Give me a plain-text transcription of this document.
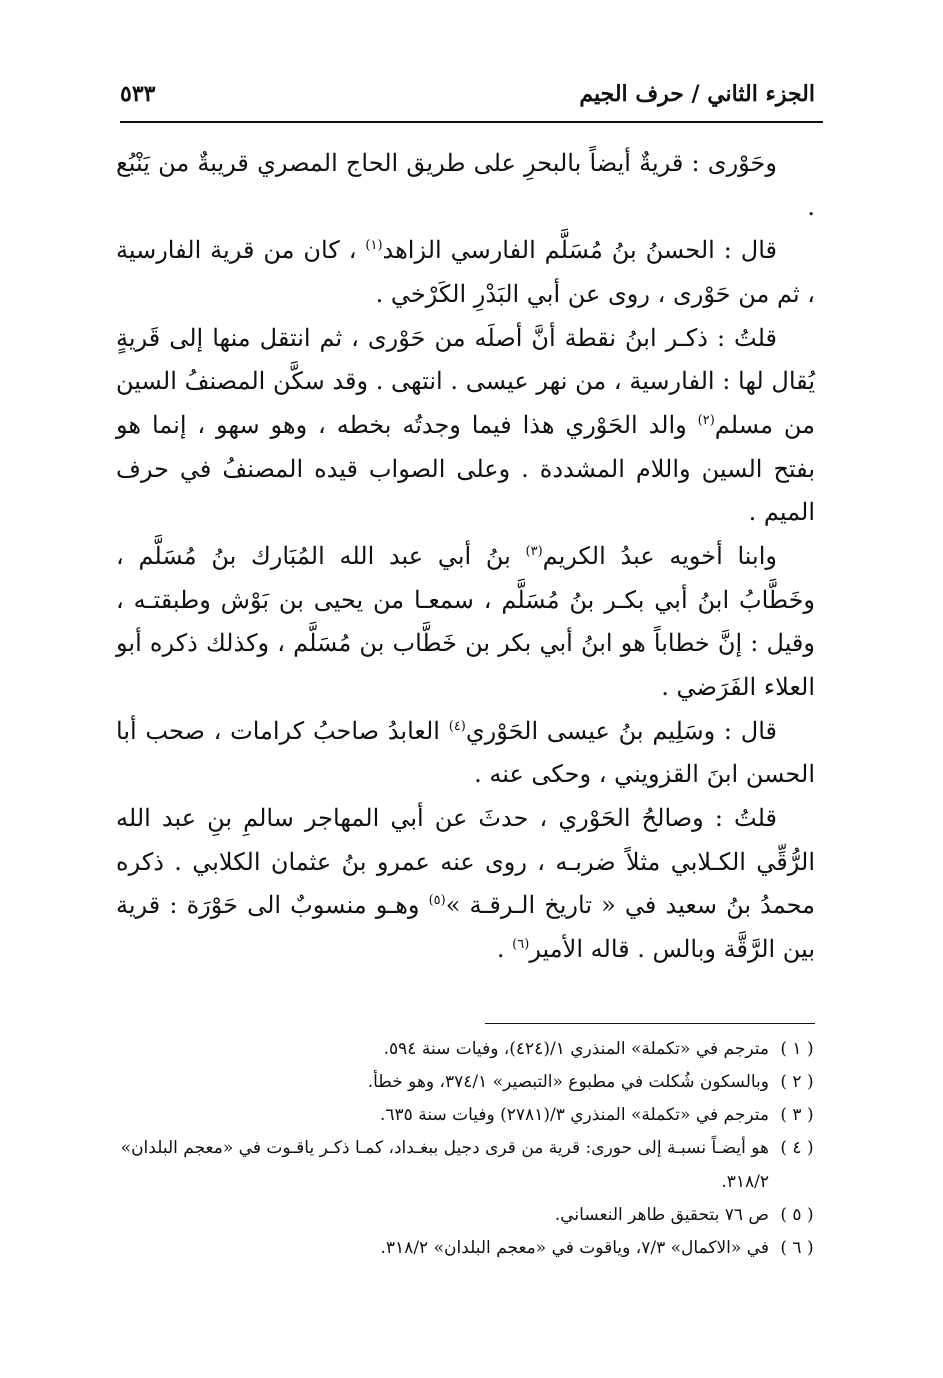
الجزء الثاني / حرف الجيم
٥٣٣

وحَوْرى : قريةٌ أيضاً بالبحرِ على طريق الحاج المصري قريبةٌ من يَنْبُع .

قال : الحسنُ بنُ مُسَلَّم الفارسي الزاهد$^{(١)}$ ، كان من قرية الفارسية ، ثم من حَوْرى ، روى عن أبي البَدْرِ الكَرْخي .

قلتُ : ذكـر ابنُ نقطة أنَّ أصلَه من حَوْرى ، ثم انتقل منها إلى قَريةٍ يُقال لها : الفارسية ، من نهر عيسى . انتهى . وقد سكَّن المصنفُ السين من مسلم$^{(٢)}$ والد الحَوْري هذا فيما وجدتُه بخطه ، وهو سهو ، إنما هو بفتح السين واللام المشددة . وعلى الصواب قيده المصنفُ في حرف الميم .

وابنا أخويه عبدُ الكريم$^{(٣)}$ بنُ أبي عبد الله المُبَارك بنُ مُسَلَّم ، وخَطَّابُ ابنُ أبي بكـر بنُ مُسَلَّم ، سمعـا من يحيى بن بَوْش وطبقتـه ، وقيل : إنَّ خطاباً هو ابنُ أبي بكر بن خَطَّاب بن مُسَلَّم ، وكذلك ذكره أبو العلاء الفَرَضي .

قال : وسَلِيم بنُ عيسى الحَوْري$^{(٤)}$ العابدُ صاحبُ كرامات ، صحب أبا الحسن ابنَ القزويني ، وحكى عنه .

قلتُ : وصالحُ الحَوْري ، حدثَ عن أبي المهاجر سالمِ بنِ عبد الله الرُّقِّي الكـلابي مثلاً ضربـه ، روى عنه عمرو بنُ عثمان الكلابي . ذكره محمدُ بنُ سعيد في « تاريخ الـرقـة »$^{(٥)}$ وهـو منسوبٌ الى حَوْرَة : قرية بين الرَّقَّة وبالس . قاله الأمير$^{(٦)}$ .

( ١ )
مترجم في «تكملة» المنذري ١/(٤٢٤)، وفيات سنة ٥٩٤.

( ٢ )
وبالسكون شُكلت في مطبوع «التبصير» ٣٧٤/١، وهو خطأ.

( ٣ )
مترجم في «تكملة» المنذري ٣/(٢٧٨١) وفيات سنة ٦٣٥.

( ٤ )
هو أيضـاً نسبـة إلى حورى: قرية من قرى دجيل ببغـداد، كمـا ذكـر ياقـوت في «معجم البلدان» ٣١٨/٢.

( ٥ )
ص ٧٦ بتحقيق طاهر النعساني.

( ٦ )
في «الاكمال» ٧/٣، وياقوت في «معجم البلدان» ٣١٨/٢.
